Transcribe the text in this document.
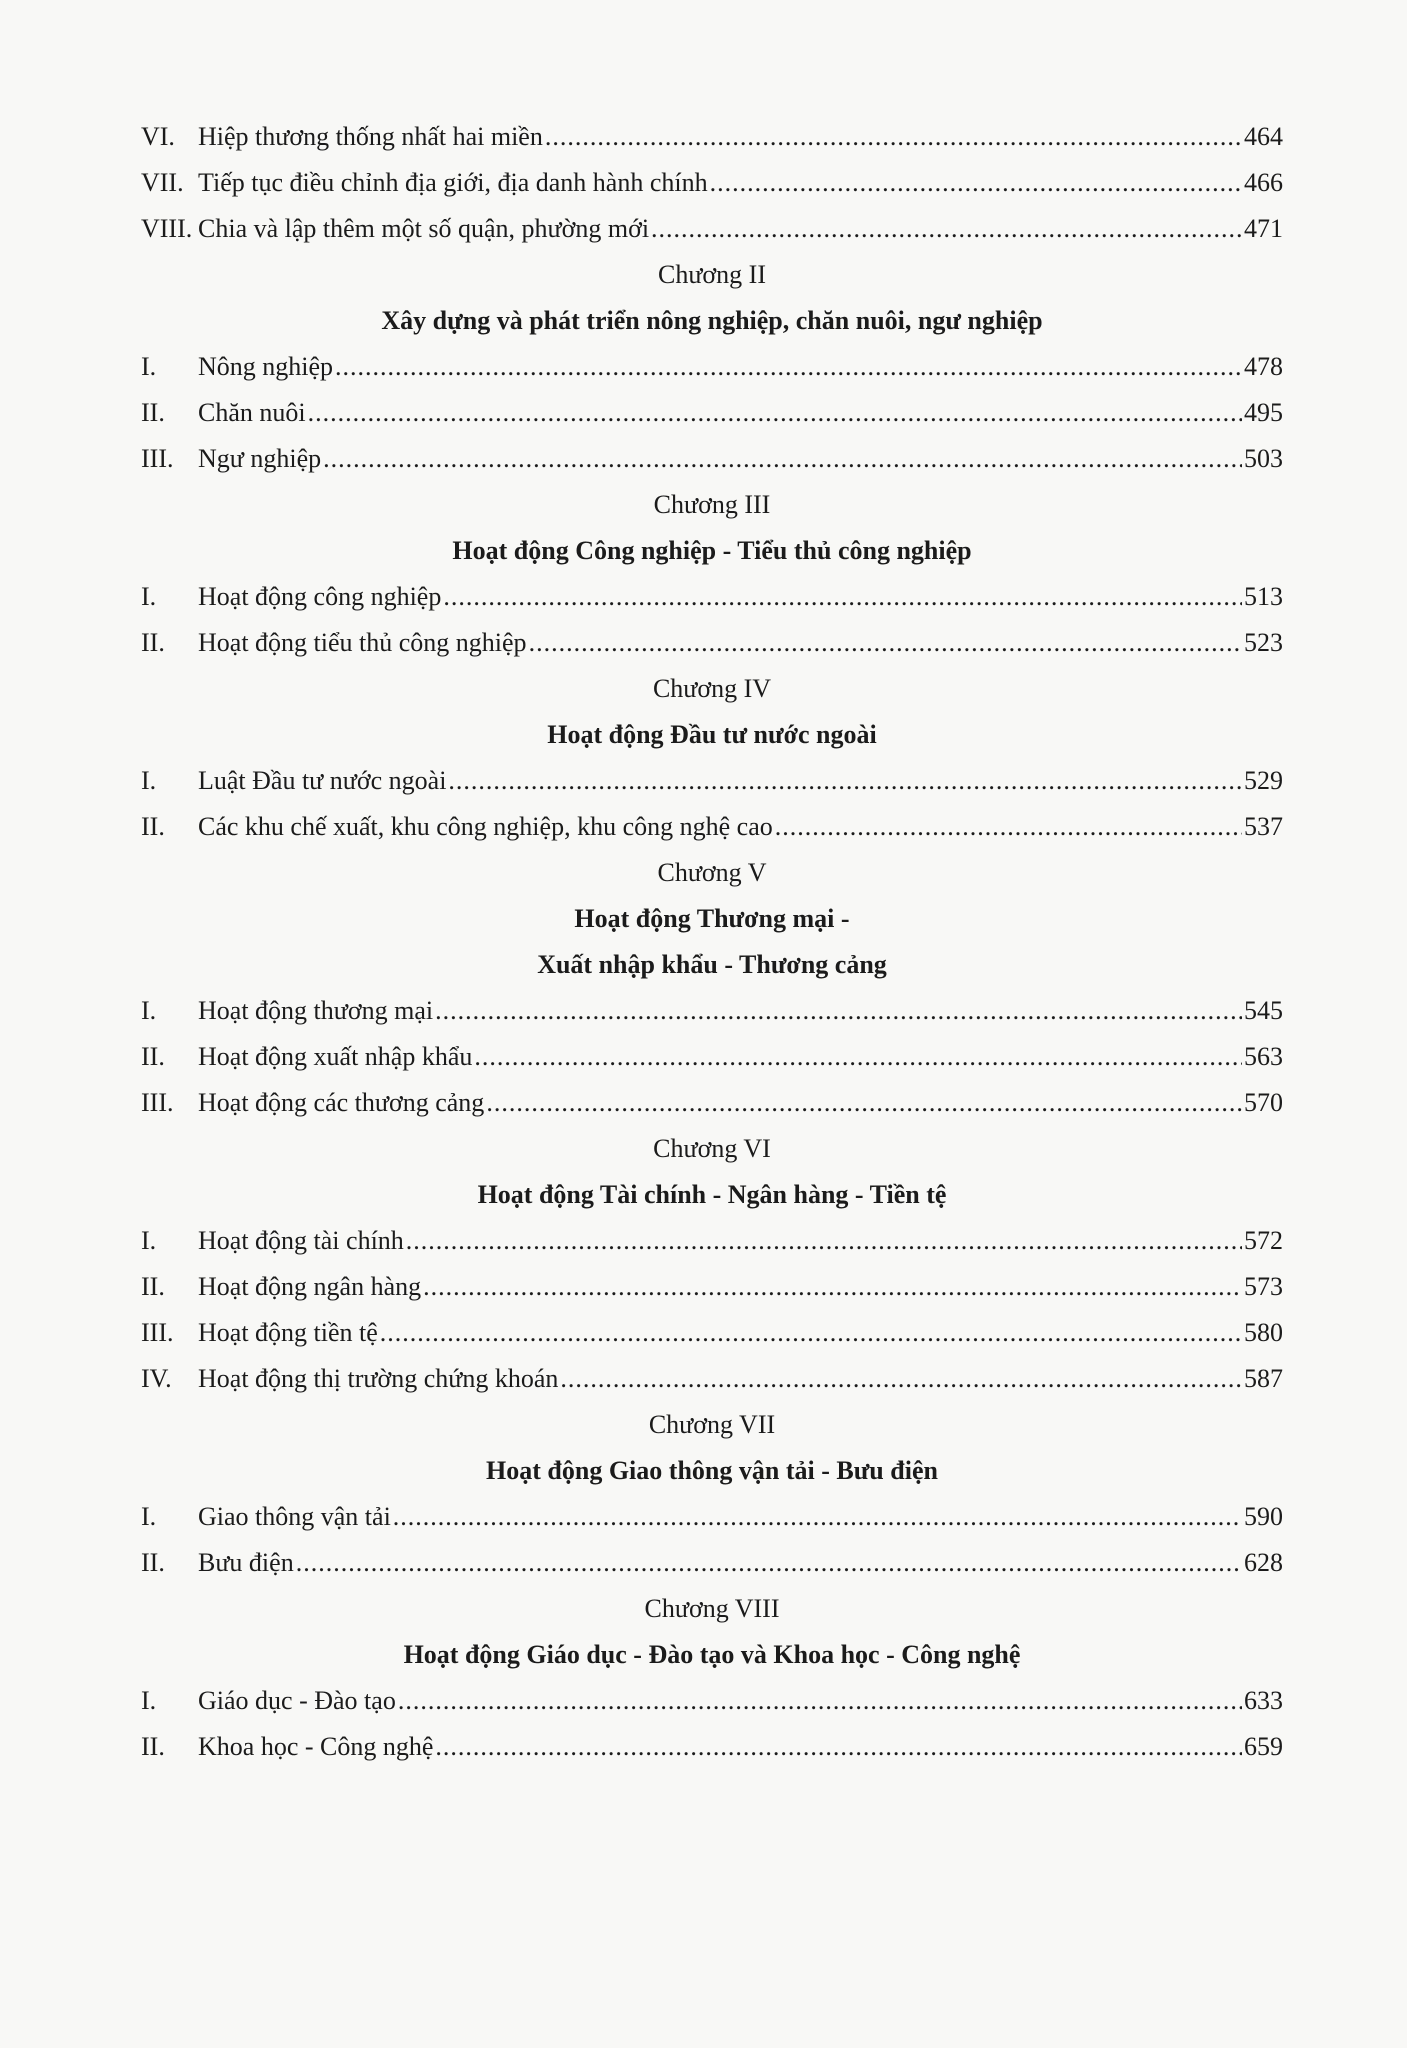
VI. Hiệp thương thống nhất hai miền .....	464
VII. Tiếp tục điều chỉnh địa giới, địa danh hành chính .....	466
VIII. Chia và lập thêm một số quận, phường mới .....	471
Chương II
Xây dựng và phát triển nông nghiệp, chăn nuôi, ngư nghiệp
I.	Nông nghiệp .....	478
II.	Chăn nuôi .....	495
III. Ngư nghiệp .....	503
Chương III
Hoạt động Công nghiệp - Tiểu thủ công nghiệp
I.	Hoạt động công nghiệp .....	513
II.	Hoạt động tiểu thủ công nghiệp .....	523
Chương IV
Hoạt động Đầu tư nước ngoài
I.	Luật Đầu tư nước ngoài .....	529
II.	Các khu chế xuất, khu công nghiệp, khu công nghệ cao .....	537
Chương V
Hoạt động Thương mại -
Xuất nhập khẩu - Thương cảng
I.	Hoạt động thương mại .....	545
II.	Hoạt động xuất nhập khẩu .....	563
III. Hoạt động các thương cảng .....	570
Chương VI
Hoạt động Tài chính - Ngân hàng - Tiền tệ
I.	Hoạt động tài chính .....	572
II.	Hoạt động ngân hàng .....	573
III. Hoạt động tiền tệ .....	580
IV.	Hoạt động thị trường chứng khoán .....	587
Chương VII
Hoạt động Giao thông vận tải - Bưu điện
I.	Giao thông vận tải .....	590
II.	Bưu điện .....	628
Chương VIII
Hoạt động Giáo dục - Đào tạo và Khoa học - Công nghệ
I.	Giáo dục - Đào tạo .....	633
II.	Khoa học - Công nghệ .....	659
